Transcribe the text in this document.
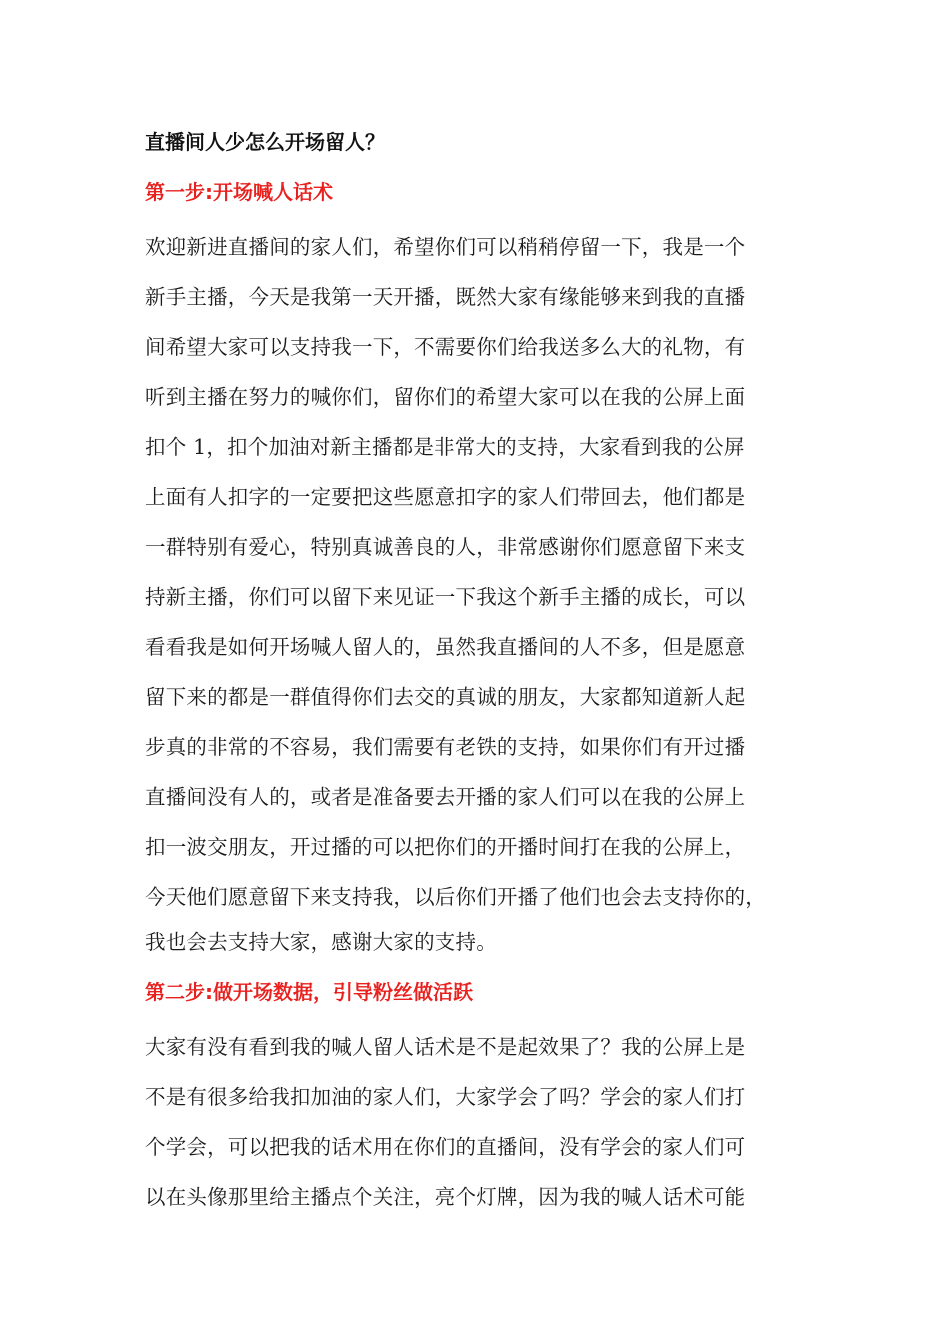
直播间人少怎么开场留人？
第一步:开场喊人话术
欢迎新进直播间的家人们，希望你们可以稍稍停留一下，我是一个
新手主播，今天是我第一天开播，既然大家有缘能够来到我的直播
间希望大家可以支持我一下，不需要你们给我送多么大的礼物，有
听到主播在努力的喊你们，留你们的希望大家可以在我的公屏上面
扣个 1，扣个加油对新主播都是非常大的支持，大家看到我的公屏
上面有人扣字的一定要把这些愿意扣字的家人们带回去，他们都是
一群特别有爱心，特别真诚善良的人，非常感谢你们愿意留下来支
持新主播，你们可以留下来见证一下我这个新手主播的成长，可以
看看我是如何开场喊人留人的，虽然我直播间的人不多，但是愿意
留下来的都是一群值得你们去交的真诚的朋友，大家都知道新人起
步真的非常的不容易，我们需要有老铁的支持，如果你们有开过播
直播间没有人的，或者是准备要去开播的家人们可以在我的公屏上
扣一波交朋友，开过播的可以把你们的开播时间打在我的公屏上，
今天他们愿意留下来支持我，以后你们开播了他们也会去支持你的，
我也会去支持大家，感谢大家的支持。
第二步:做开场数据，引导粉丝做活跃
大家有没有看到我的喊人留人话术是不是起效果了？我的公屏上是
不是有很多给我扣加油的家人们，大家学会了吗？学会的家人们打
个学会，可以把我的话术用在你们的直播间，没有学会的家人们可
以在头像那里给主播点个关注，亮个灯牌，因为我的喊人话术可能
